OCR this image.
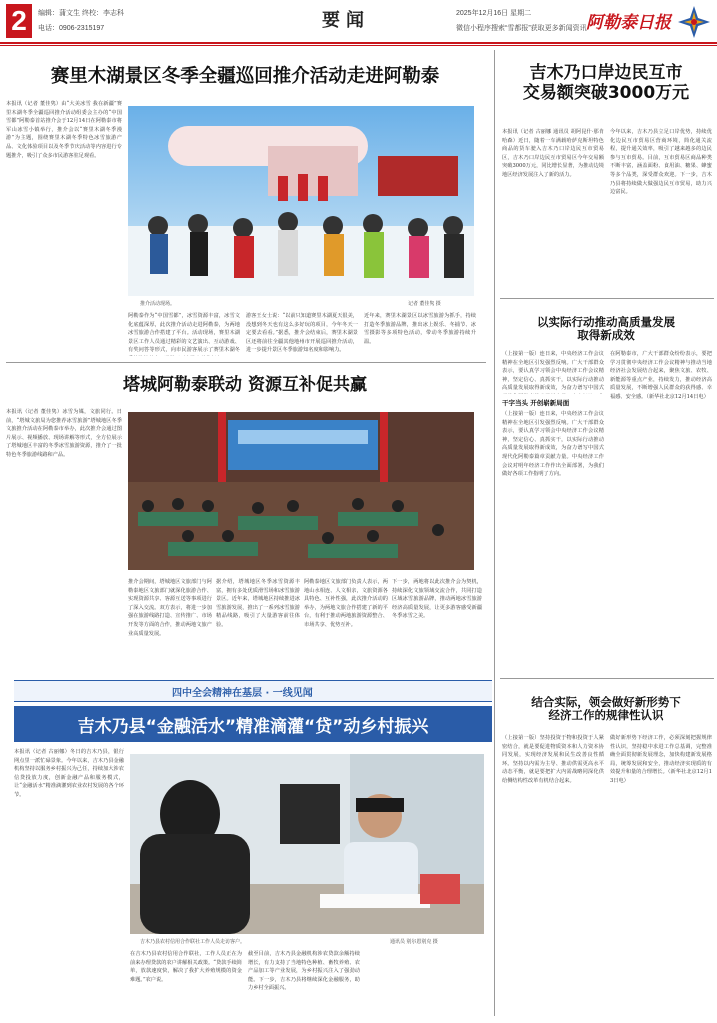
2	编辑：蒲文生 终校：李志科
电话：0906-2315197	要闻	2025年12月16日 星期二
微信小程序搜索“雪都报”获取更多新闻资讯 阿勒泰日报
赛里木湖景区冬季全疆巡回推介活动走进阿勒泰
本报讯（记者 董佳隽）由“大美冰雪 我在新疆”赛里木湖冬季全疆巡回推介活动组委会主办的“中国雪都”阿勒泰首站推介会于12月14日在阿勒泰市将军山冰雪小镇举行，推介会以“赛里木湖冬季漫游”为主题，围绕赛里木湖冬季特色冰雪旅游产品、文化体验项目以及冬季节庆活动等内容进行专题推介，吸引了众多市民游客驻足观看。
推介活动现场。	记者 董佳隽 摄
阿勒泰作为“中国雪都”，冰雪资源丰富，冰雪文化底蕴深厚，此次推介活动走进阿勒泰，为两地冰雪旅游合作搭建了平台。活动现场，赛里木湖景区工作人员通过精彩的文艺演出、互动游戏、有奖问答等形式，向市民游客展示了赛里木湖冬
游客王女士说：“以前只知道赛里木湖夏天很美，没想到冬天也有这么多好玩的项目，今年冬天一定要去看看。”据悉，推介会结束后，赛里木湖景区还将前往全疆其他地州市开展巡回推介活动，进一步提升景区冬季旅游知名度和影响力。
近年来，赛里木湖景区以冰雪旅游为抓手，持续打造冬季旅游品牌，推出冰上娱乐、冬捕节、冰雪摄影等多项特色活动，带动冬季旅游持续升温。
塔城阿勒泰联动 资源互补促共赢
本报讯（记者 董佳隽）冰雪为媒，文旅同行。日前，“塔城文旅局为您推荐冰雪旅游”塔城地区冬季文旅推介活动在阿勒泰市举办，此次推介会通过图片展示、视频播放、现场讲解等形式，全方位展示了塔城地区丰富的冬季冰雪旅游资源，推介了一批特色冬季旅游线路和产品。
推介会期间，塔城地区文旅部门与阿勒泰地区文旅部门就深化旅游合作、实现资源共享、客源互送等事项进行了深入交流。双方表示，将进一步加强在旅游线路打造、宣传推广、市场开发等方面的合作，推动两地文旅产业高质量发展。
据介绍，塔城地区冬季冰雪资源丰富，拥有多处优质滑雪场和冰雪旅游景区。近年来，塔城地区持续推进冰雪旅游发展，推出了一系列冰雪旅游精品线路，吸引了大量游客前往体验。
阿勒泰地区文旅部门负责人表示，两地山水相连、人文相亲，文旅资源各具特色、互补性强，此次推介活动的举办，为两地文旅合作搭建了新的平台，有利于推动两地旅游资源整合、市场共享、优势互补。
下一步，两地将以此次推介会为契机，持续深化文旅领域交流合作，共同打造区域冰雪旅游品牌，推动两地冰雪旅游经济高质量发展，让更多游客感受新疆冬季冰雪之美。
四中全会精神在基层 · 一线见闻
吉木乃县“金融活水”精准滴灌“贷”动乡村振兴
本报讯（记者 古丽娜）冬日的吉木乃县，银行网点里一派忙碌景象。今年以来，吉木乃县金融机构坚持以服务乡村振兴为己任，持续加大涉农信贷投放力度，创新金融产品和服务模式，让“金融活水”精准滴灌到农业农村发展的各个环节。
吉木乃县农村信用合作联社工作人员走访客户。	通讯员 别尔恩别克 摄
在吉木乃县农村信用合作联社，工作人员正在为前来办理贷款的农户讲解相关政策。“贷款手续简单，放款速度快，解决了我扩大养殖规模的资金难题。”农户说。
截至目前，吉木乃县金融机构涉农贷款余额持续增长，有力支持了当地特色种植、畜牧养殖、农产品加工等产业发展，为乡村振兴注入了强劲动能。下一步，吉木乃县将继续深化金融服务，助力乡村全面振兴。
吉木乃口岸边民互市
交易额突破3000万元
本报讯（记者 古丽娜 通讯员 胡阿昆什·那肯哈森）近日，随着一车满载哈萨克斯坦特色商品的货车驶入吉木乃口岸边民互市贸易区，吉木乃口岸边民互市贸易区今年交易额突破3000万元，同比增长显著，为推动边境地区经济发展注入了新的活力。
今年以来，吉木乃县立足口岸优势，持续优化边民互市贸易区营商环境，简化通关流程，提升通关效率，吸引了越来越多的边民参与互市贸易。目前，互市贸易区商品种类不断丰富，涵盖面粉、食用油、糖果、蜂蜜等多个品类，深受群众欢迎。下一步，吉木乃县将持续做大做强边民互市贸易，助力兴边富民。
以实际行动推动高质量发展
取得新成效
（上接第一版）连日来，中央经济工作会议精神在全地区引发强烈反响。广大干部群众表示，要认真学习领会中央经济工作会议精神，坚定信心、真抓实干，以实际行动推动高质量发展取得新成效，为奋力谱写中国式
干字当头 开创崭新局面
（上接第一版）连日来，中央经济工作会议精神在全地区引发强烈反响。广大干部群众表示，要认真学习领会中央经济工作会议精神，坚定信心、真抓实干，以实际行动推动高质量发展取得新成效，为奋力谱写中国式现代化阿勒泰篇章贡献力量。中央经济工作会议对明年经济工作作出全面部署，为我们做好各项工作指明了方向。
在阿勒泰市，广大干部群众纷纷表示，要把学习贯彻中央经济工作会议精神与推动当地经济社会发展结合起来，聚焦文旅、农牧、新能源等重点产业，持续发力，推动经济高质量发展，不断增强人民群众的获得感、幸福感、安全感。（新华社北京12月14日电）
结合实际，领会做好新形势下
经济工作的规律性认识
（上接第一版）坚持投资于物和投资于人紧密结合，就是要促进物质资本和人力资本协同发展，实现经济发展和民生改善良性循环。坚持以内需为主导、推动供需更高水平动态平衡，就是要把扩大内需战略同深化供给侧结构性改革有机结合起来。
做好新形势下经济工作，必须深刻把握规律性认识，坚持稳中求进工作总基调，完整准确全面贯彻新发展理念，加快构建新发展格局，统筹发展和安全，推动经济实现质的有效提升和量的合理增长。（新华社北京12月13日电）
